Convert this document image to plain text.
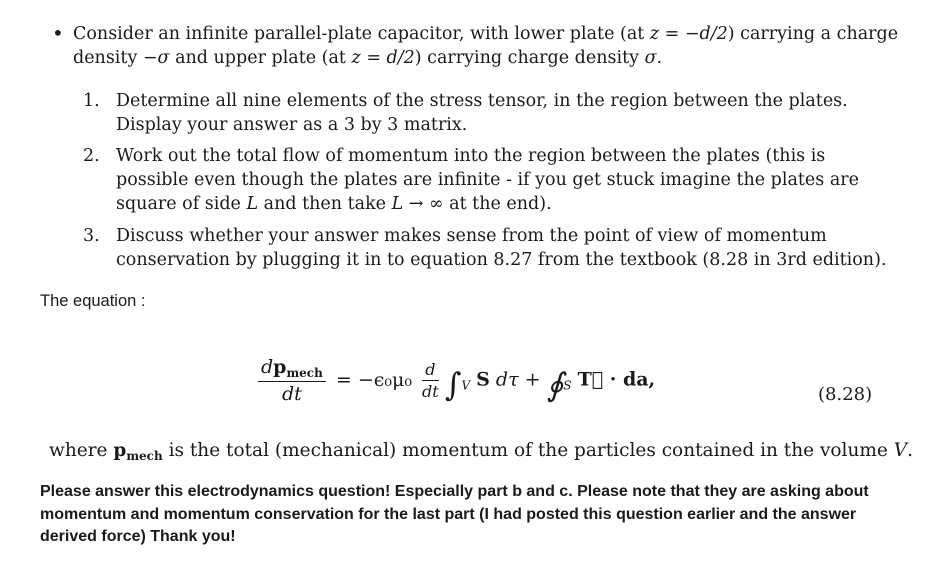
• Consider an infinite parallel-plate capacitor, with lower plate (at z = −d/2) carrying a charge density −σ and upper plate (at z = d/2) carrying charge density σ.
1. Determine all nine elements of the stress tensor, in the region between the plates. Display your answer as a 3 by 3 matrix.
2. Work out the total flow of momentum into the region between the plates (this is possible even though the plates are infinite - if you get stuck imagine the plates are square of side L and then take L → ∞ at the end).
3. Discuss whether your answer makes sense from the point of view of momentum conservation by plugging it in to equation 8.27 from the textbook (8.28 in 3rd edition).
The equation :
$\frac{dp_{mech}}{dt} = -\epsilon_0\mu_0 \frac{d}{dt} \int_V$ S $d\tau + ∮_S$ T⃡ · da,
(8.28)
where $p_{mech}$ is the total (mechanical) momentum of the particles contained in the volume V.
Please answer this electrodynamics question! Especially part b and c. Please note that they are asking about momentum and momentum conservation for the last part (I had posted this question earlier and the answer derived force) Thank you!
